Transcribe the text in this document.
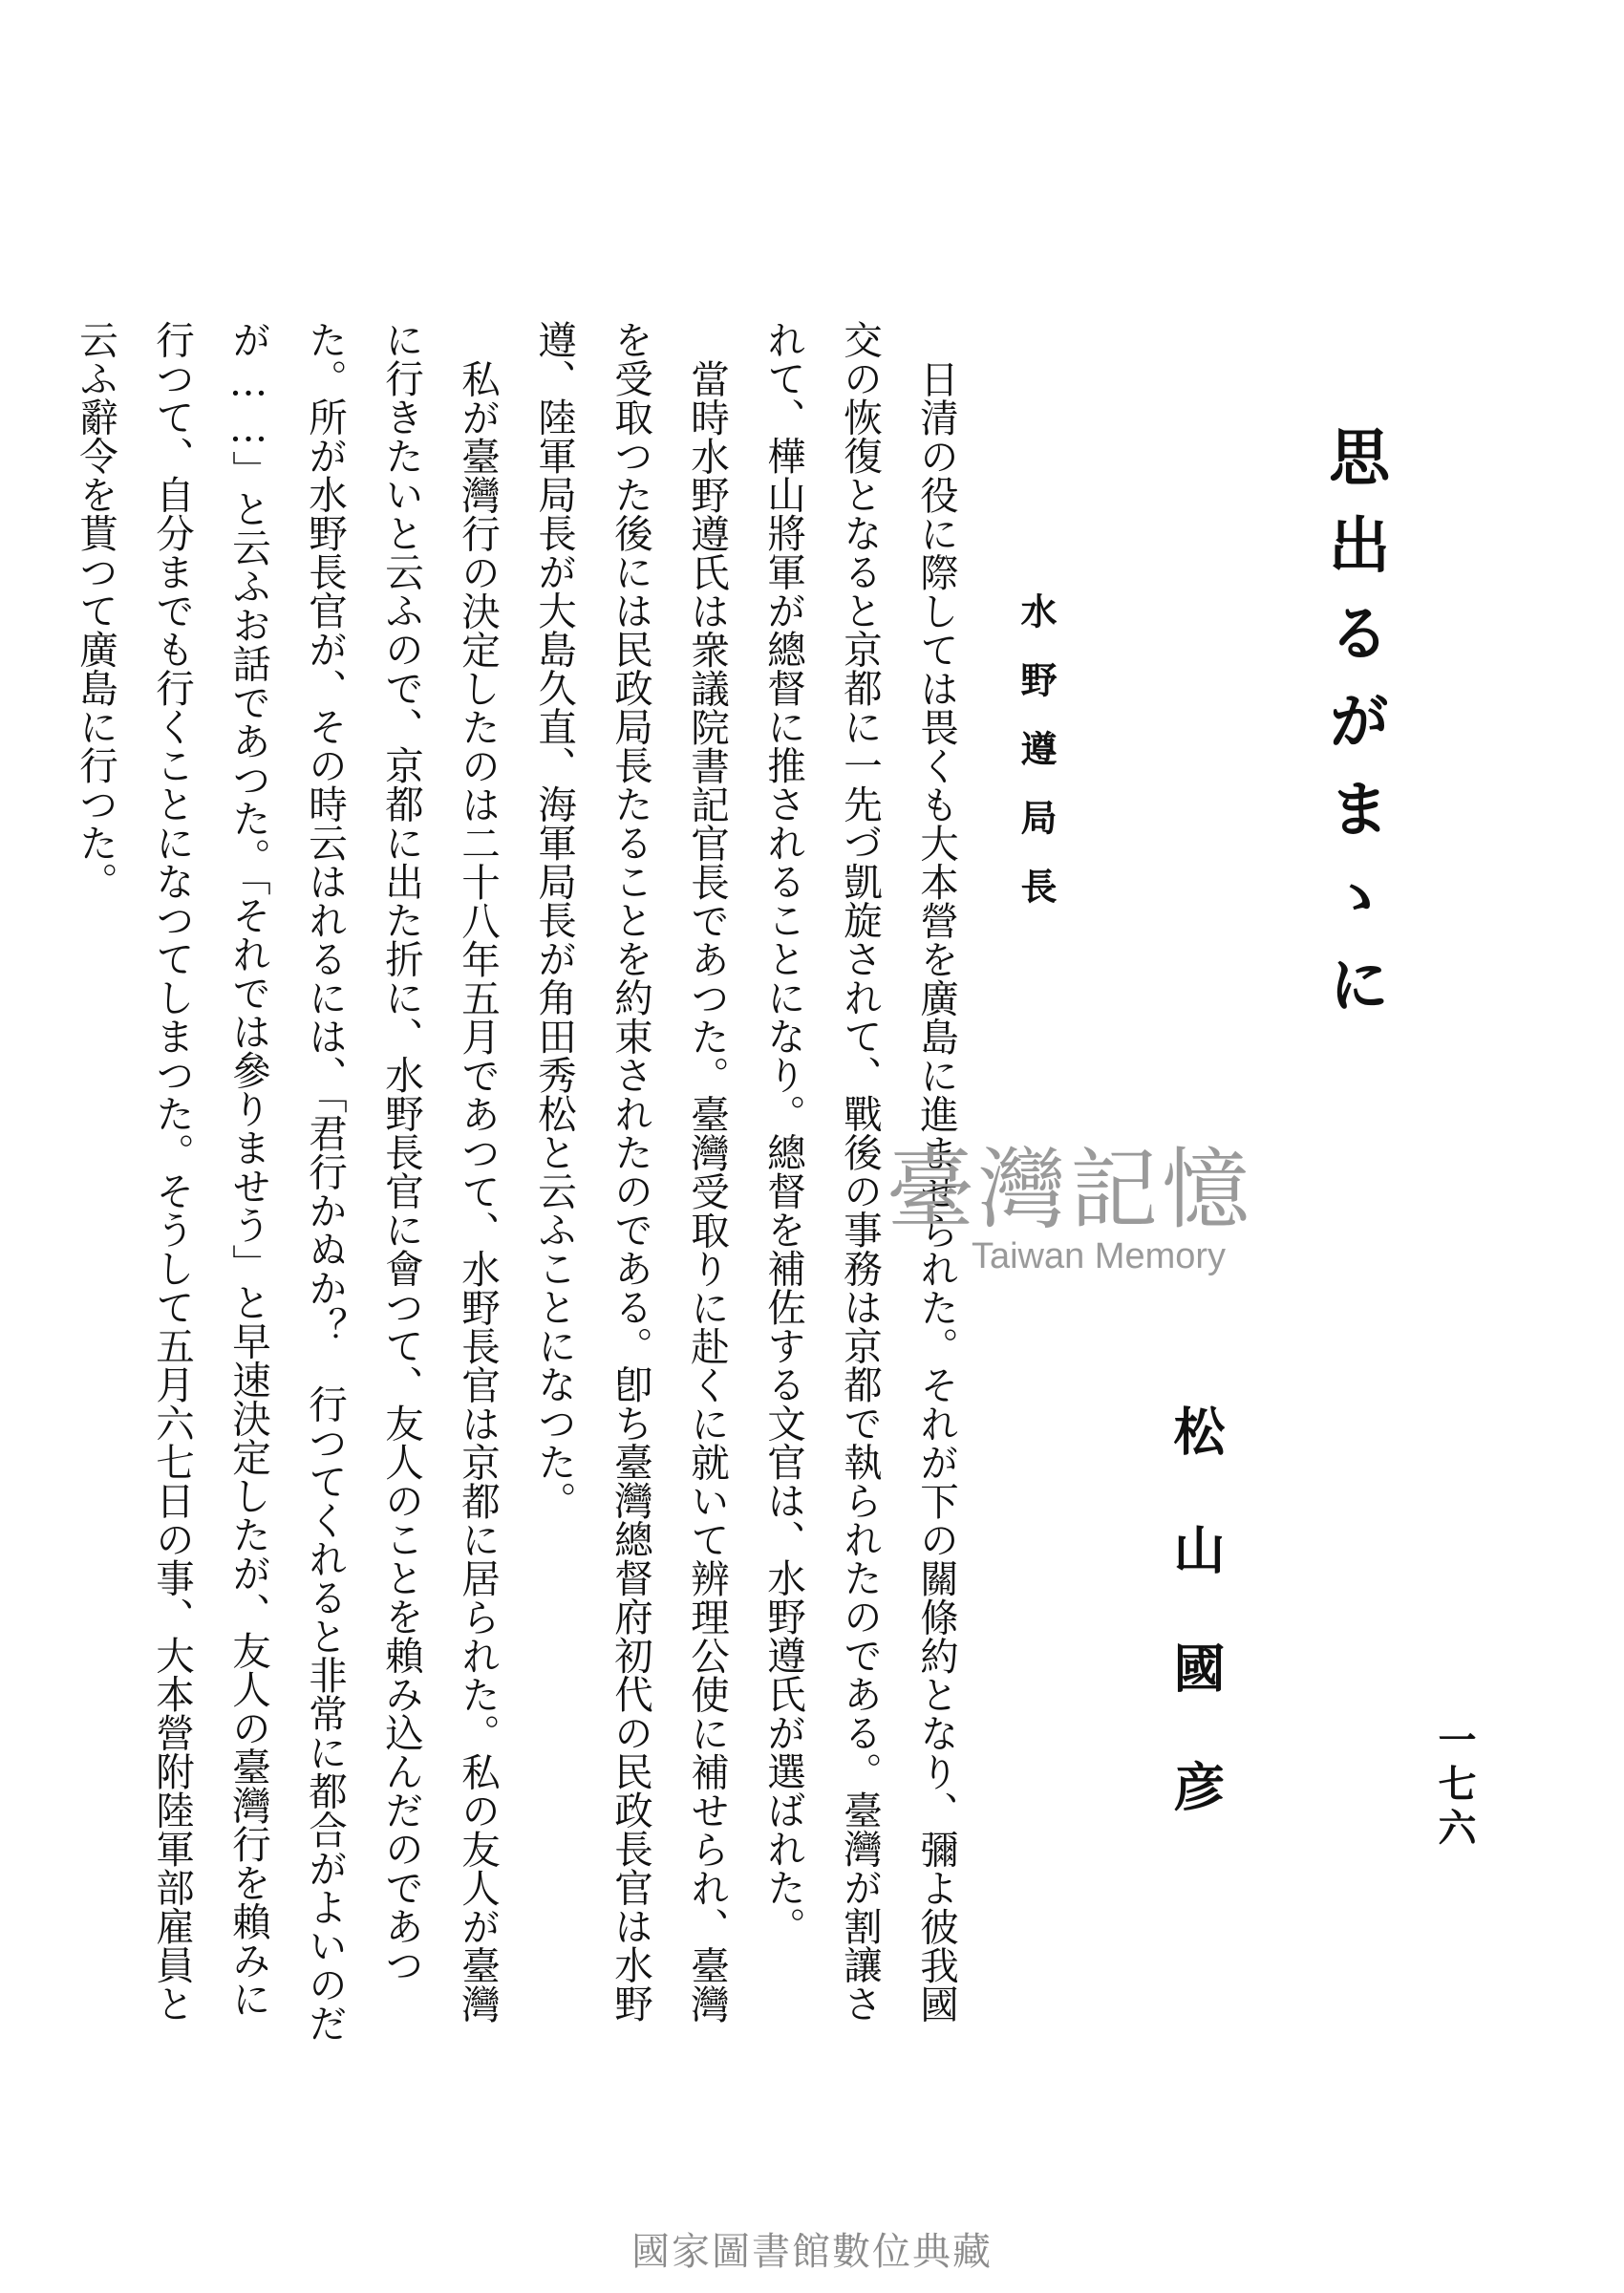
思出るがまゝに
松山國彦	一七六
水野遵局長

日清の役に際しては畏くも大本營を廣島に進ませられた。それが下の關條約となり、彌よ彼我國交の恢復となると京都に一先づ凱旋されて、戰後の事務は京都で執られたのである。臺灣が割讓されて、樺山將軍が總督に推されることになり。總督を補佐する文官は、水野遵氏が選ばれた。

當時水野遵氏は衆議院書記官長であつた。臺灣受取りに赴くに就いて辨理公使に補せられ、臺灣を受取つた後には民政局長たることを約束されたのである。卽ち臺灣總督府初代の民政長官は水野遵、陸軍局長が大島久直、海軍局長が角田秀松と云ふことになつた。

私が臺灣行の決定したのは二十八年五月であつて、水野長官は京都に居られた。私の友人が臺灣に行きたいと云ふので、京都に出た折に、水野長官に會つて、友人のことを賴み込んだのであつた。所が水野長官が、その時云はれるには、「君行かぬか？　行つてくれると非常に都合がよいのだが……」と云ふお話であつた。「それでは參りませう」と早速決定したが、友人の臺灣行を賴みに行つて、自分までも行くことになつてしまつた。そうして五月六七日の事、大本營附陸軍部雇員と云ふ辭令を貰つて廣島に行つた。

臺灣記憶
Taiwan Memory
國家圖書館數位典藏
